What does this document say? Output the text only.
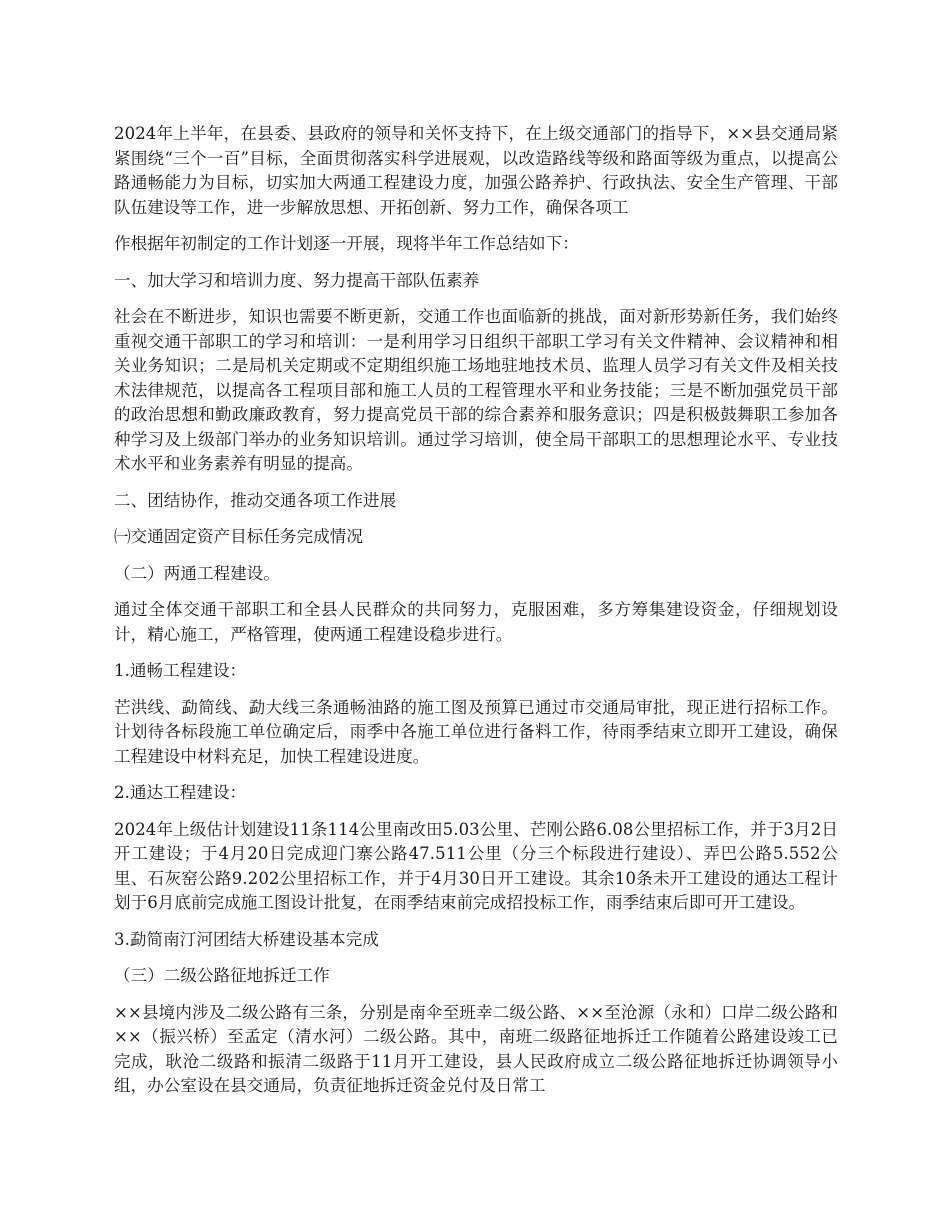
2024年上半年，在县委、县政府的领导和关怀支持下，在上级交通部门的指导下，××县交通局紧紧围绕“三个一百”目标，全面贯彻落实科学进展观，以改造路线等级和路面等级为重点，以提高公路通畅能力为目标，切实加大两通工程建设力度，加强公路养护、行政执法、安全生产管理、干部队伍建设等工作，进一步解放思想、开拓创新、努力工作，确保各项工

作根据年初制定的工作计划逐一开展，现将半年工作总结如下：

一、加大学习和培训力度、努力提高干部队伍素养

社会在不断进步，知识也需要不断更新，交通工作也面临新的挑战，面对新形势新任务，我们始终重视交通干部职工的学习和培训：一是利用学习日组织干部职工学习有关文件精神、会议精神和相关业务知识；二是局机关定期或不定期组织施工场地驻地技术员、监理人员学习有关文件及相关技术法律规范，以提高各工程项目部和施工人员的工程管理水平和业务技能；三是不断加强党员干部的政治思想和勤政廉政教育，努力提高党员干部的综合素养和服务意识；四是积极鼓舞职工参加各种学习及上级部门举办的业务知识培训。通过学习培训，使全局干部职工的思想理论水平、专业技术水平和业务素养有明显的提高。

二、团结协作，推动交通各项工作进展

㈠交通固定资产目标任务完成情况

（二）两通工程建设。

通过全体交通干部职工和全县人民群众的共同努力，克服困难，多方筹集建设资金，仔细规划设计，精心施工，严格管理，使两通工程建设稳步进行。

1.通畅工程建设：

芒洪线、勐简线、勐大线三条通畅油路的施工图及预算已通过市交通局审批，现正进行招标工作。计划待各标段施工单位确定后，雨季中各施工单位进行备料工作，待雨季结束立即开工建设，确保工程建设中材料充足，加快工程建设进度。

2.通达工程建设：

2024年上级估计划建设11条114公里南改田5.03公里、芒刚公路6.08公里招标工作，并于3月2日开工建设；于4月20日完成迎门寨公路47.511公里（分三个标段进行建设）、弄巴公路5.552公里、石灰窑公路9.202公里招标工作，并于4月30日开工建设。其余10条未开工建设的通达工程计划于6月底前完成施工图设计批复，在雨季结束前完成招投标工作，雨季结束后即可开工建设。

3.勐简南汀河团结大桥建设基本完成

（三）二级公路征地拆迁工作

××县境内涉及二级公路有三条，分别是南伞至班幸二级公路、××至沧源（永和）口岸二级公路和××（振兴桥）至孟定（清水河）二级公路。其中，南班二级路征地拆迁工作随着公路建设竣工已完成，耿沧二级路和振清二级路于11月开工建设，县人民政府成立二级公路征地拆迁协调领导小组，办公室设在县交通局，负责征地拆迁资金兑付及日常工
